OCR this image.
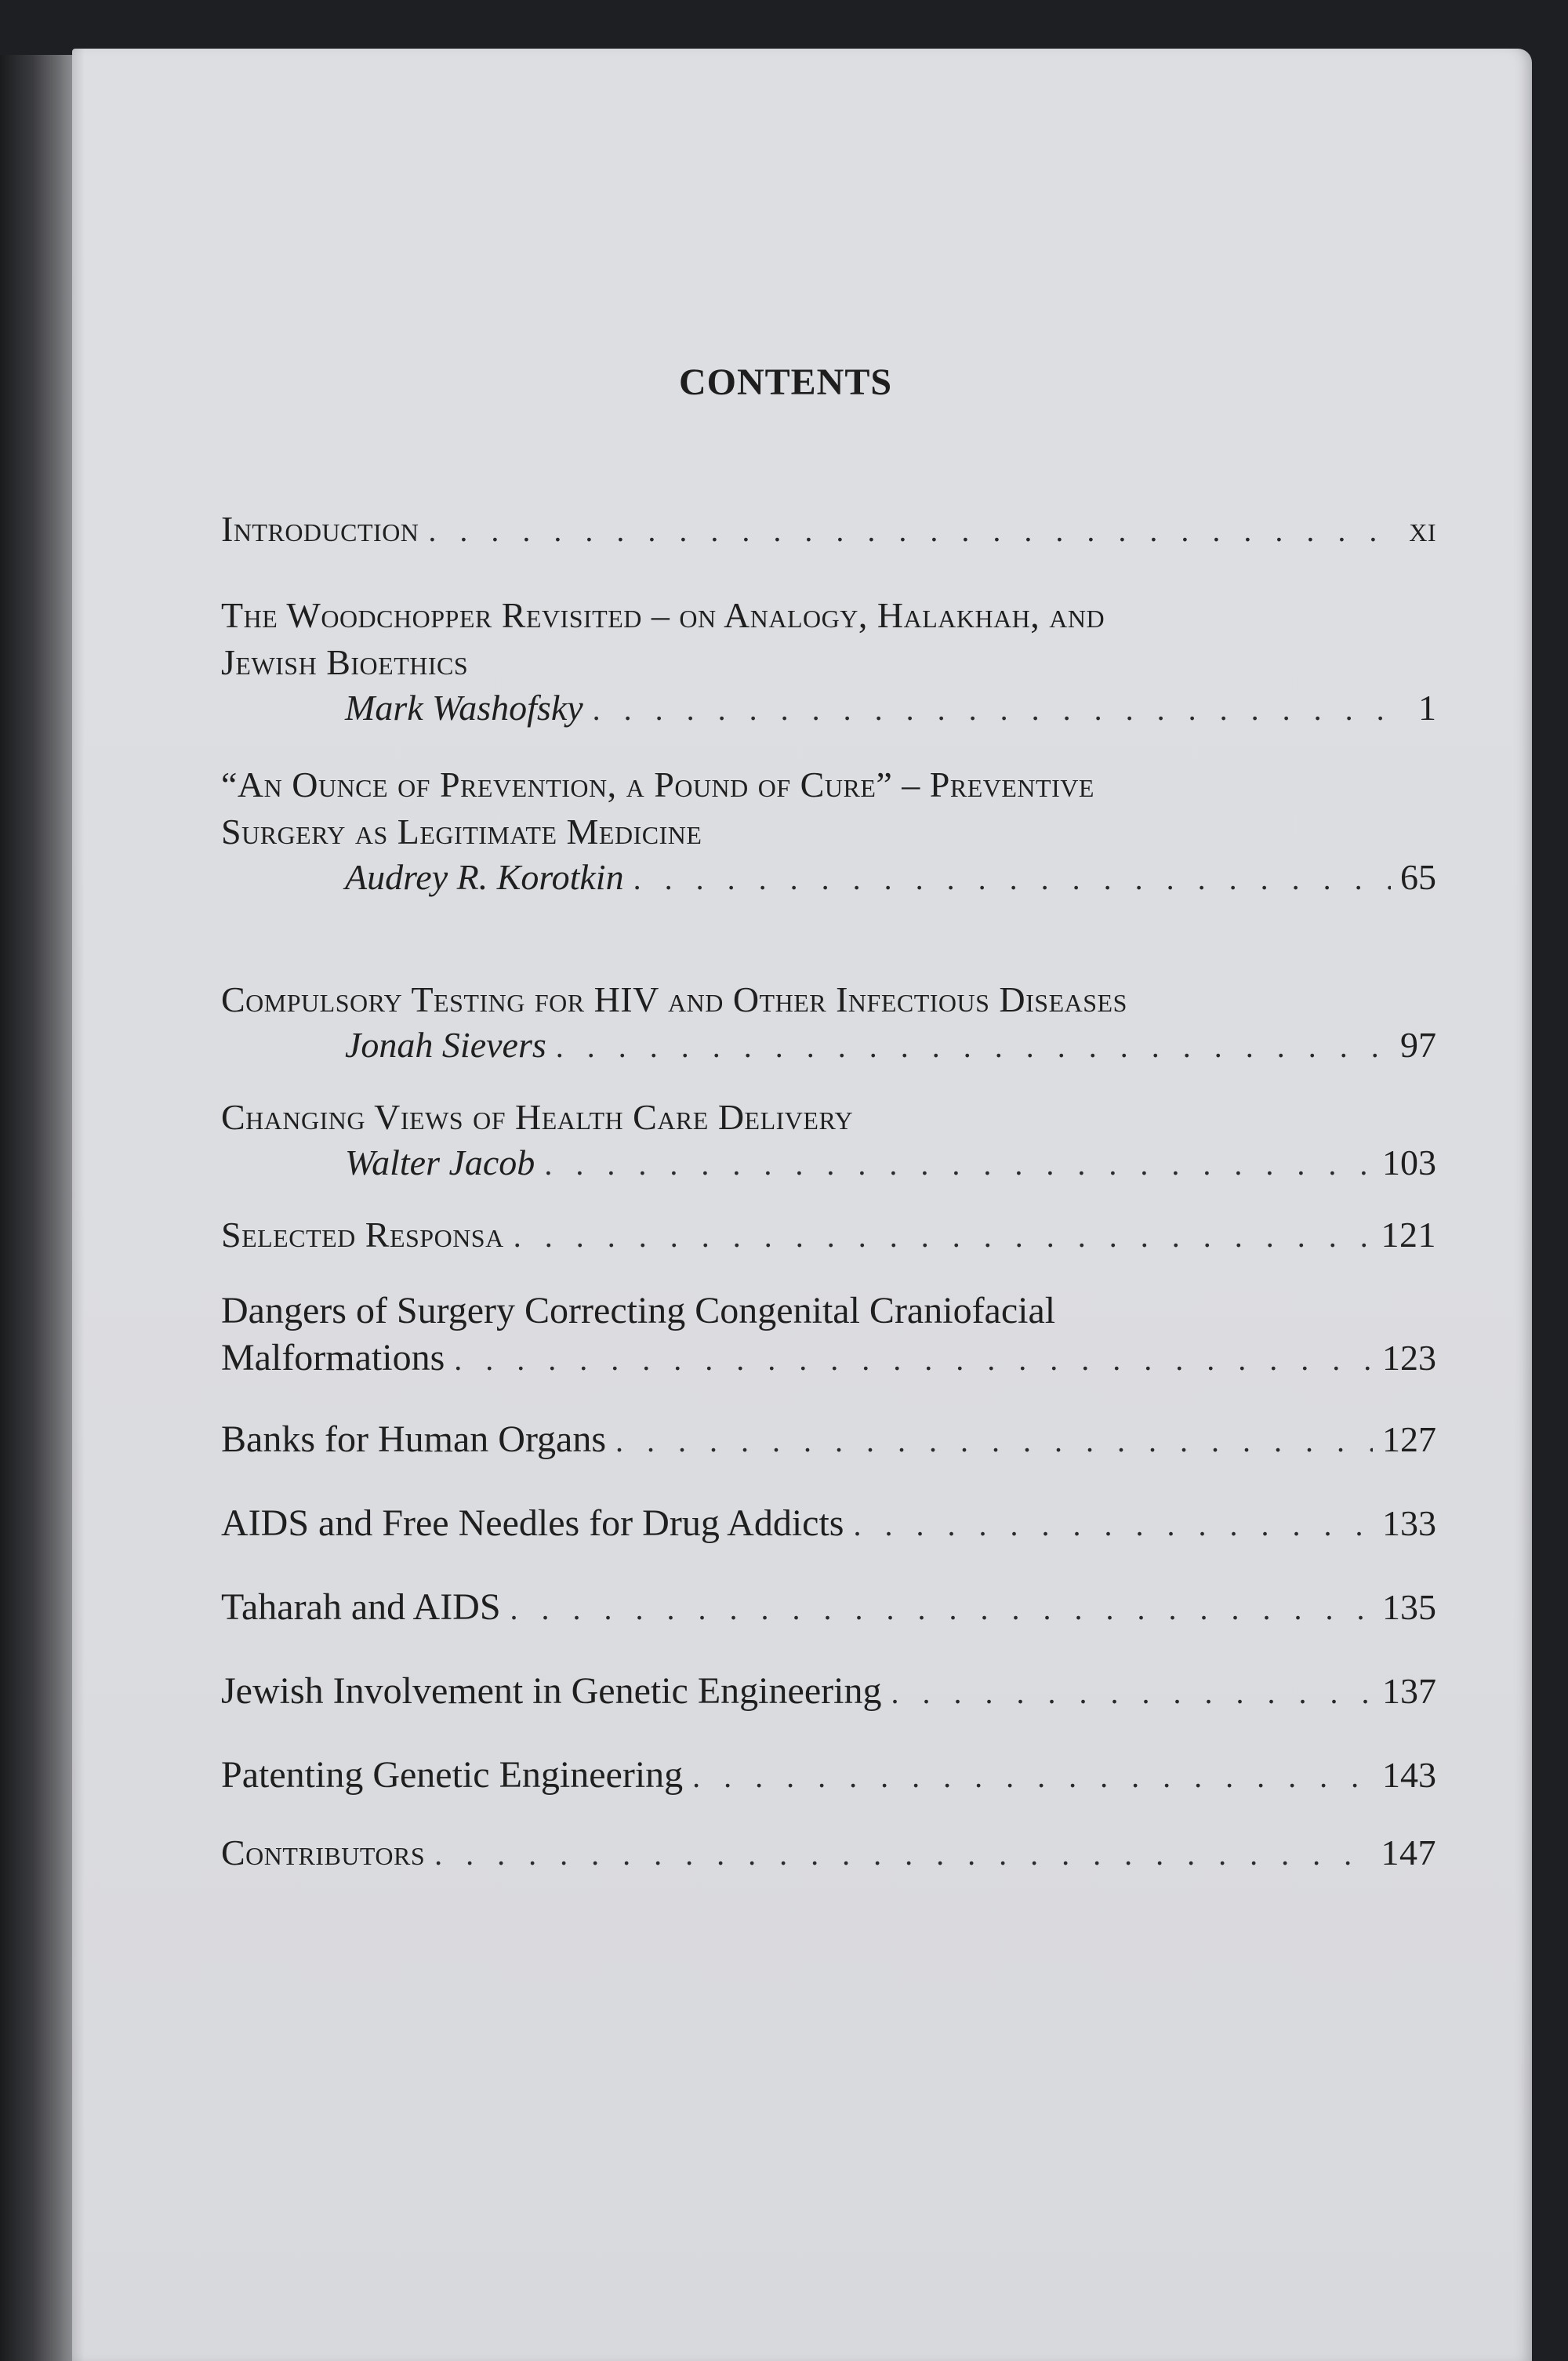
CONTENTS
Introduction . . .	xi
The Woodchopper Revisited – on Analogy, Halakhah, and
Jewish Bioethics
Mark Washofsky . . .	1
“An Ounce of Prevention, a Pound of Cure” – Preventive
Surgery as Legitimate Medicine
Audrey R. Korotkin . . .	65
Compulsory Testing for HIV and Other Infectious Diseases
Jonah Sievers . . .	97
Changing Views of Health Care Delivery
Walter Jacob . . .	103
Selected Responsa . . .	121
Dangers of Surgery Correcting Congenital Craniofacial
Malformations . . .	123
Banks for Human Organs . . .	127
AIDS and Free Needles for Drug Addicts . . .	133
Taharah and AIDS . . .	135
Jewish Involvement in Genetic Engineering . . .	137
Patenting Genetic Engineering . . .	143
Contributors . . .	147
